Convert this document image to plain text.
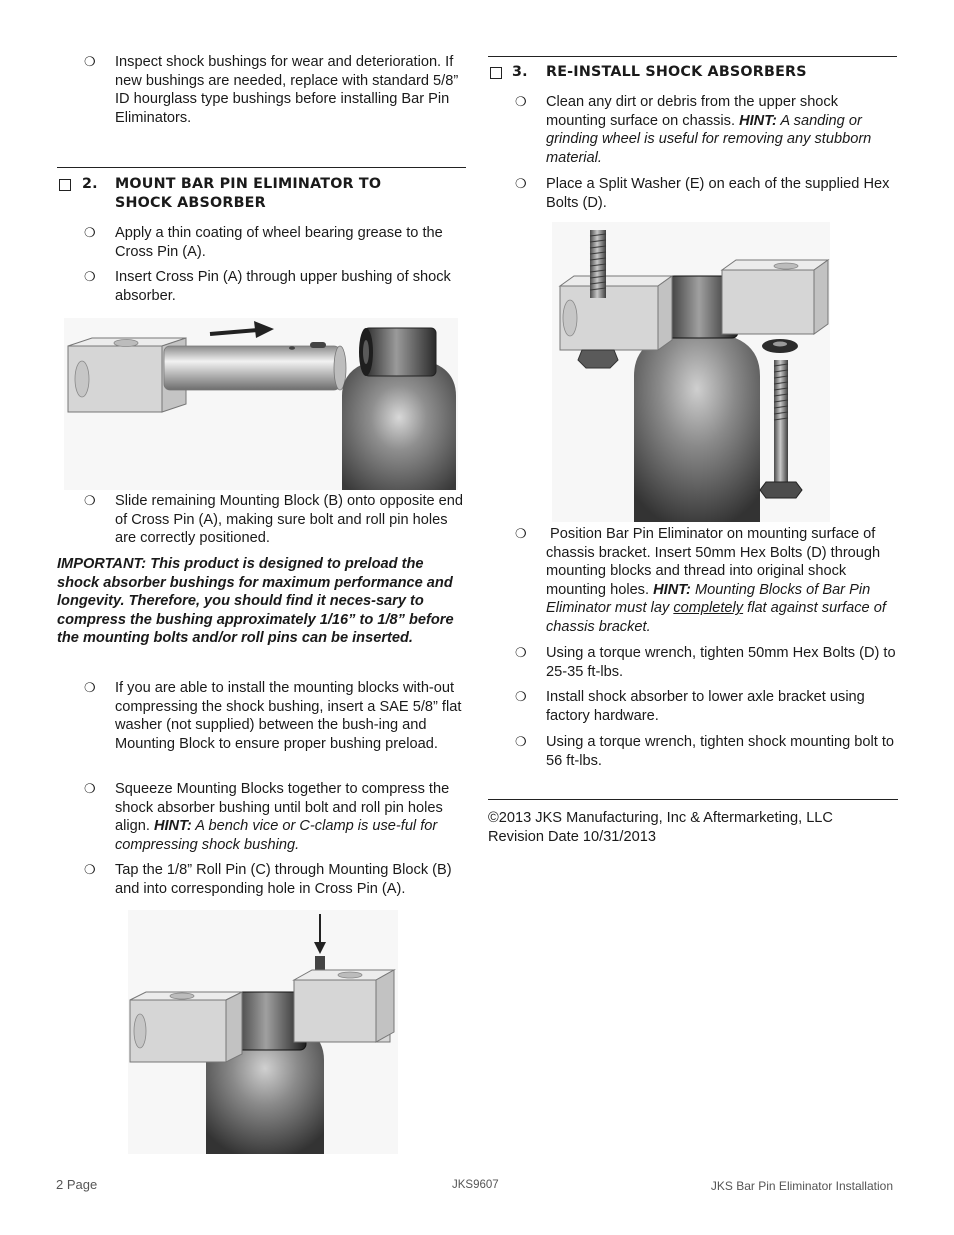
❍ Inspect shock bushings for wear and deterioration. If new bushings are needed, replace with standard 5/8” ID hourglass type bushings before installing Bar Pin Eliminators.
2. MOUNT BAR PIN ELIMINATOR TO
SHOCK ABSORBER
❍ Apply a thin coating of wheel bearing grease to the Cross Pin (A).
❍ Insert Cross Pin (A) through upper bushing of shock absorber.
❍ Slide remaining Mounting Block (B) onto opposite end of Cross Pin (A), making sure bolt and roll pin holes are correctly positioned.
IMPORTANT: This product is designed to preload the shock absorber bushings for maximum performance and longevity. Therefore, you should find it neces-sary to compress the bushing approximately 1/16” to 1/8” before the mounting bolts and/or roll pins can be inserted.
❍ If you are able to install the mounting blocks with-out compressing the shock bushing, insert a SAE 5/8” flat washer (not supplied) between the bush-ing and Mounting Block to ensure proper bushing preload.
❍ Squeeze Mounting Blocks together to compress the shock absorber bushing until bolt and roll pin holes align. HINT: A bench vice or C-clamp is use-ful for compressing shock bushing.
❍ Tap the 1/8” Roll Pin (C) through Mounting Block (B) and into corresponding hole in Cross Pin (A).
3. RE-INSTALL SHOCK ABSORBERS
❍ Clean any dirt or debris from the upper shock mounting surface on chassis. HINT: A sanding or grinding wheel is useful for removing any stubborn material.
❍ Place a Split Washer (E) on each of the supplied Hex Bolts (D).
❍ Position Bar Pin Eliminator on mounting surface of chassis bracket. Insert 50mm Hex Bolts (D) through mounting blocks and thread into original shock mounting holes. HINT: Mounting Blocks of Bar Pin Eliminator must lay completely flat against surface of chassis bracket.
❍ Using a torque wrench, tighten 50mm Hex Bolts (D) to 25-35 ft-lbs.
❍ Install shock absorber to lower axle bracket using factory hardware.
❍ Using a torque wrench, tighten shock mounting bolt to 56 ft-lbs.
©2013 JKS Manufacturing, Inc & Aftermarketing, LLC
Revision Date 10/31/2013
2 Page	JKS9607	JKS Bar Pin Eliminator Installation
